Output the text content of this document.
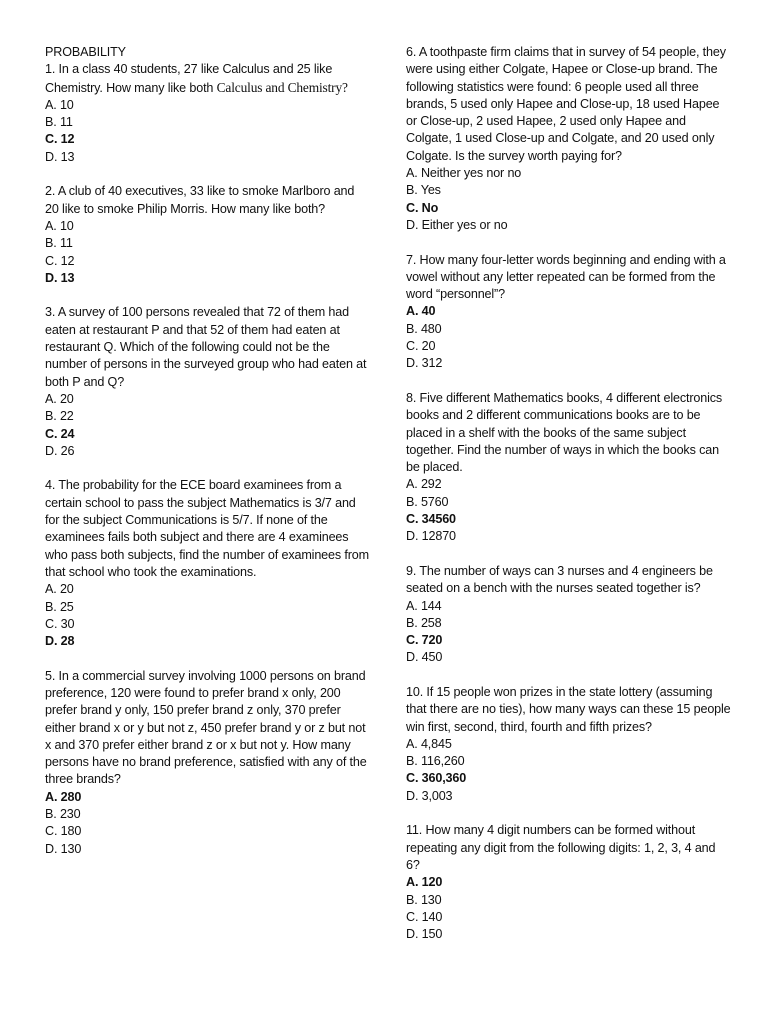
PROBABILITY

1. In a class 40 students, 27 like Calculus and 25 like Chemistry. How many like both Calculus and Chemistry?

A. 10

B. 11

C. 12

D. 13

2. A club of 40 executives, 33 like to smoke Marlboro and 20 like to smoke Philip Morris. How many like both?

A. 10

B. 11

C. 12

D. 13

3. A survey of 100 persons revealed that 72 of them had eaten at restaurant P and that 52 of them had eaten at restaurant Q. Which of the following could not be the number of persons in the surveyed group who had eaten at both P and Q?

A. 20

B. 22

C. 24

D. 26

4. The probability for the ECE board examinees from a certain school to pass the subject Mathematics is 3/7 and for the subject Communications is 5/7. If none of the examinees fails both subject and there are 4 examinees who pass both subjects, find the number of examinees from that school who took the examinations.

A. 20

B. 25

C. 30

D. 28

5. In a commercial survey involving 1000 persons on brand preference, 120 were found to prefer brand x only, 200 prefer brand y only, 150 prefer brand z only, 370 prefer either brand x or y but not z, 450 prefer brand y or z but not x and 370 prefer either brand z or x but not y. How many persons have no brand preference, satisfied with any of the three brands?

A. 280

B. 230

C. 180

D. 130

6. A toothpaste firm claims that in survey of 54 people, they were using either Colgate, Hapee or Close-up brand. The following statistics were found: 6 people used all three brands, 5 used only Hapee and Close-up, 18 used Hapee or Close-up, 2 used Hapee, 2 used only Hapee and Colgate, 1 used Close-up and Colgate, and 20 used only Colgate. Is the survey worth paying for?

A. Neither yes nor no

B. Yes

C. No

D. Either yes or no

7. How many four-letter words beginning and ending with a vowel without any letter repeated can be formed from the word “personnel”?

A. 40

B. 480

C. 20

D. 312

8. Five different Mathematics books, 4 different electronics books and 2 different communications books are to be placed in a shelf with the books of the same subject together. Find the number of ways in which the books can be placed.

A. 292

B. 5760

C. 34560

D. 12870

9. The number of ways can 3 nurses and 4 engineers be seated on a bench with the nurses seated together is?

A. 144

B. 258

C. 720

D. 450

10. If 15 people won prizes in the state lottery (assuming that there are no ties), how many ways can these 15 people win first, second, third, fourth and fifth prizes?

A. 4,845

B. 116,260

C. 360,360

D. 3,003

11. How many 4 digit numbers can be formed without repeating any digit from the following digits: 1, 2, 3, 4 and 6?

A. 120

B. 130

C. 140

D. 150
